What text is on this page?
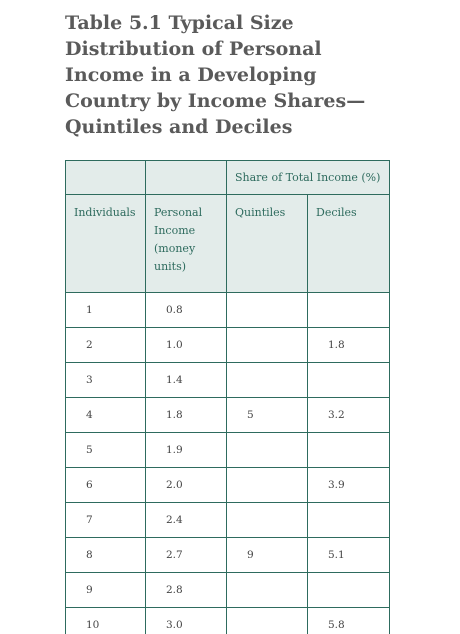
Table 5.1 Typical Size Distribution of Personal Income in a Developing Country by Income Shares—Quintiles and Deciles
		Share of Total Income (%)	
Individuals	Personal Income (money units)	Quintiles	Deciles
1	0.8		
2	1.0		1.8
3	1.4		
4	1.8	5	3.2
5	1.9		
6	2.0		3.9
7	2.4		
8	2.7	9	5.1
9	2.8		
10	3.0		5.8
